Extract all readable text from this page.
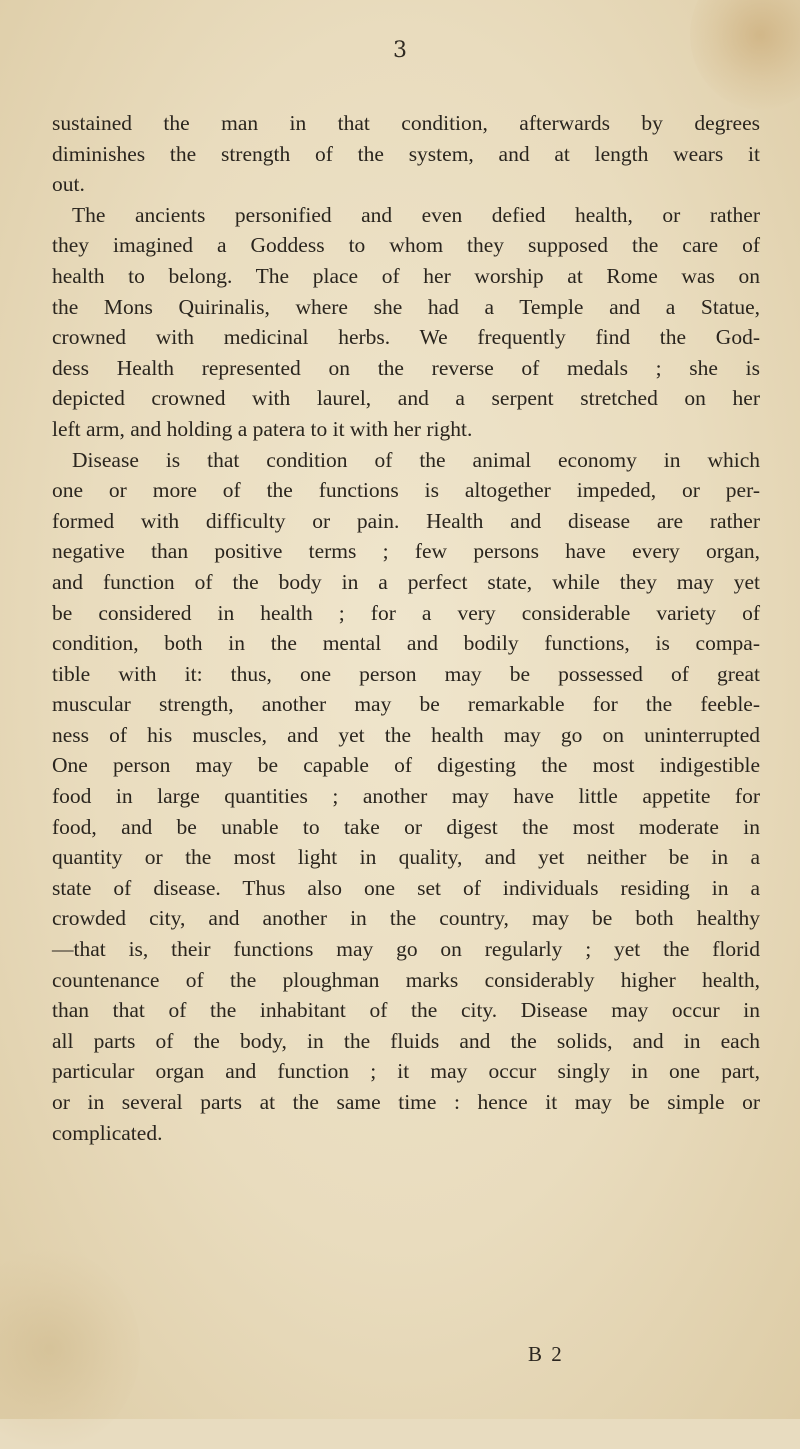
3
sustained the man in that condition, afterwards by degrees
diminishes the strength of the system, and at length wears it
out.
The ancients personified and even defied health, or rather
they imagined a Goddess to whom they supposed the care of
health to belong. The place of her worship at Rome was on
the Mons Quirinalis, where she had a Temple and a Statue,
crowned with medicinal herbs. We frequently find the God-
dess Health represented on the reverse of medals ; she is
depicted crowned with laurel, and a serpent stretched on her
left arm, and holding a patera to it with her right.
Disease is that condition of the animal economy in which
one or more of the functions is altogether impeded, or per-
formed with difficulty or pain. Health and disease are rather
negative than positive terms ; few persons have every organ,
and function of the body in a perfect state, while they may yet
be considered in health ; for a very considerable variety of
condition, both in the mental and bodily functions, is compa-
tible with it: thus, one person may be possessed of great
muscular strength, another may be remarkable for the feeble-
ness of his muscles, and yet the health may go on uninterrupted
One person may be capable of digesting the most indigestible
food in large quantities ; another may have little appetite for
food, and be unable to take or digest the most moderate in
quantity or the most light in quality, and yet neither be in a
state of disease. Thus also one set of individuals residing in a
crowded city, and another in the country, may be both healthy
—that is, their functions may go on regularly ; yet the florid
countenance of the ploughman marks considerably higher health,
than that of the inhabitant of the city. Disease may occur in
all parts of the body, in the fluids and the solids, and in each
particular organ and function ; it may occur singly in one part,
or in several parts at the same time : hence it may be simple or
complicated.
B 2
